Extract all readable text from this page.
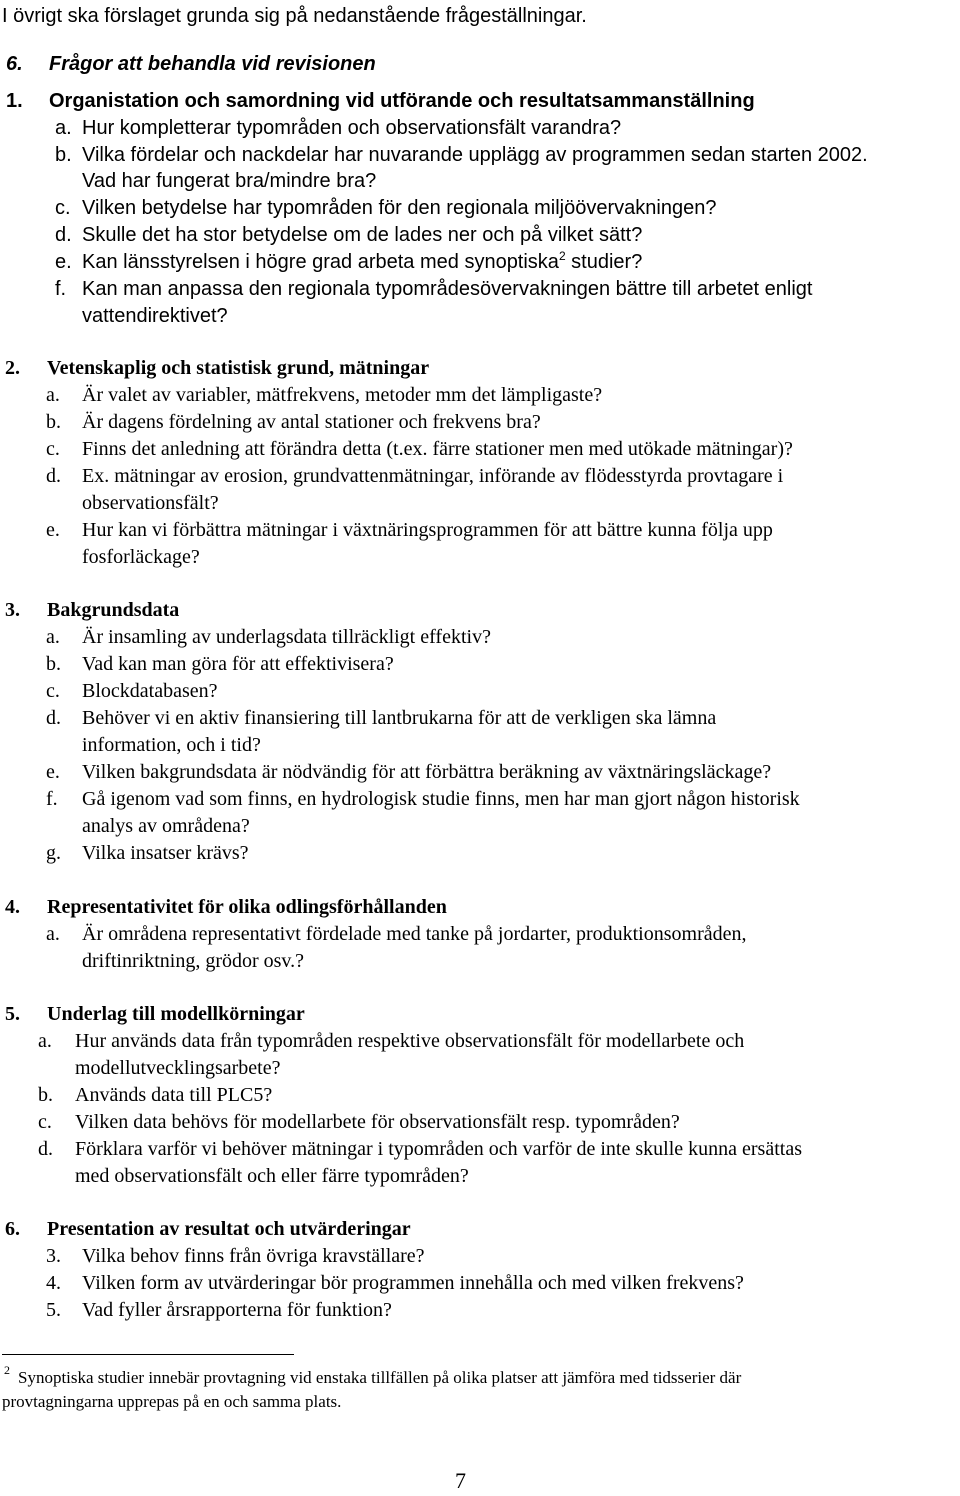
I övrigt ska förslaget grunda sig på nedanstående frågeställningar.
6. Frågor att behandla vid revisionen
1. Organistation och samordning vid utförande och resultatsammanställning
a. Hur kompletterar typområden och observationsfält varandra?
b. Vilka fördelar och nackdelar har nuvarande upplägg av programmen sedan starten 2002.
Vad har fungerat bra/mindre bra?
c. Vilken betydelse har typområden för den regionala miljöövervakningen?
d. Skulle det ha stor betydelse om de lades ner och på vilket sätt?
e. Kan länsstyrelsen i högre grad arbeta med synoptiska$^2$ studier?
f. Kan man anpassa den regionala typområdesövervakningen bättre till arbetet enligt
vattendirektivet?
2. Vetenskaplig och statistisk grund, mätningar
a. Är valet av variabler, mätfrekvens, metoder mm det lämpligaste?
b. Är dagens fördelning av antal stationer och frekvens bra?
c. Finns det anledning att förändra detta (t.ex. färre stationer men med utökade mätningar)?
d. Ex. mätningar av erosion, grundvattenmätningar, införande av flödesstyrda provtagare i
observationsfält?
e. Hur kan vi förbättra mätningar i växtnäringsprogrammen för att bättre kunna följa upp
fosforläckage?
3. Bakgrundsdata
a. Är insamling av underlagsdata tillräckligt effektiv?
b. Vad kan man göra för att effektivisera?
c. Blockdatabasen?
d. Behöver vi en aktiv finansiering till lantbrukarna för att de verkligen ska lämna
information, och i tid?
e. Vilken bakgrundsdata är nödvändig för att förbättra beräkning av växtnäringsläckage?
f. Gå igenom vad som finns, en hydrologisk studie finns, men har man gjort någon historisk
analys av områdena?
g. Vilka insatser krävs?
4. Representativitet för olika odlingsförhållanden
a. Är områdena representativt fördelade med tanke på jordarter, produktionsområden,
driftinriktning, grödor osv.?
5. Underlag till modellkörningar
a. Hur används data från typområden respektive observationsfält för modellarbete och
modellutvecklingsarbete?
b. Används data till PLC5?
c. Vilken data behövs för modellarbete för observationsfält resp. typområden?
d. Förklara varför vi behöver mätningar i typområden och varför de inte skulle kunna ersättas
med observationsfält och eller färre typområden?
6. Presentation av resultat och utvärderingar
3. Vilka behov finns från övriga kravställare?
4. Vilken form av utvärderingar bör programmen innehålla och med vilken frekvens?
5. Vad fyller årsrapporterna för funktion?
2 Synoptiska studier innebär provtagning vid enstaka tillfällen på olika platser att jämföra med tidsserier där
provtagningarna upprepas på en och samma plats.
7
